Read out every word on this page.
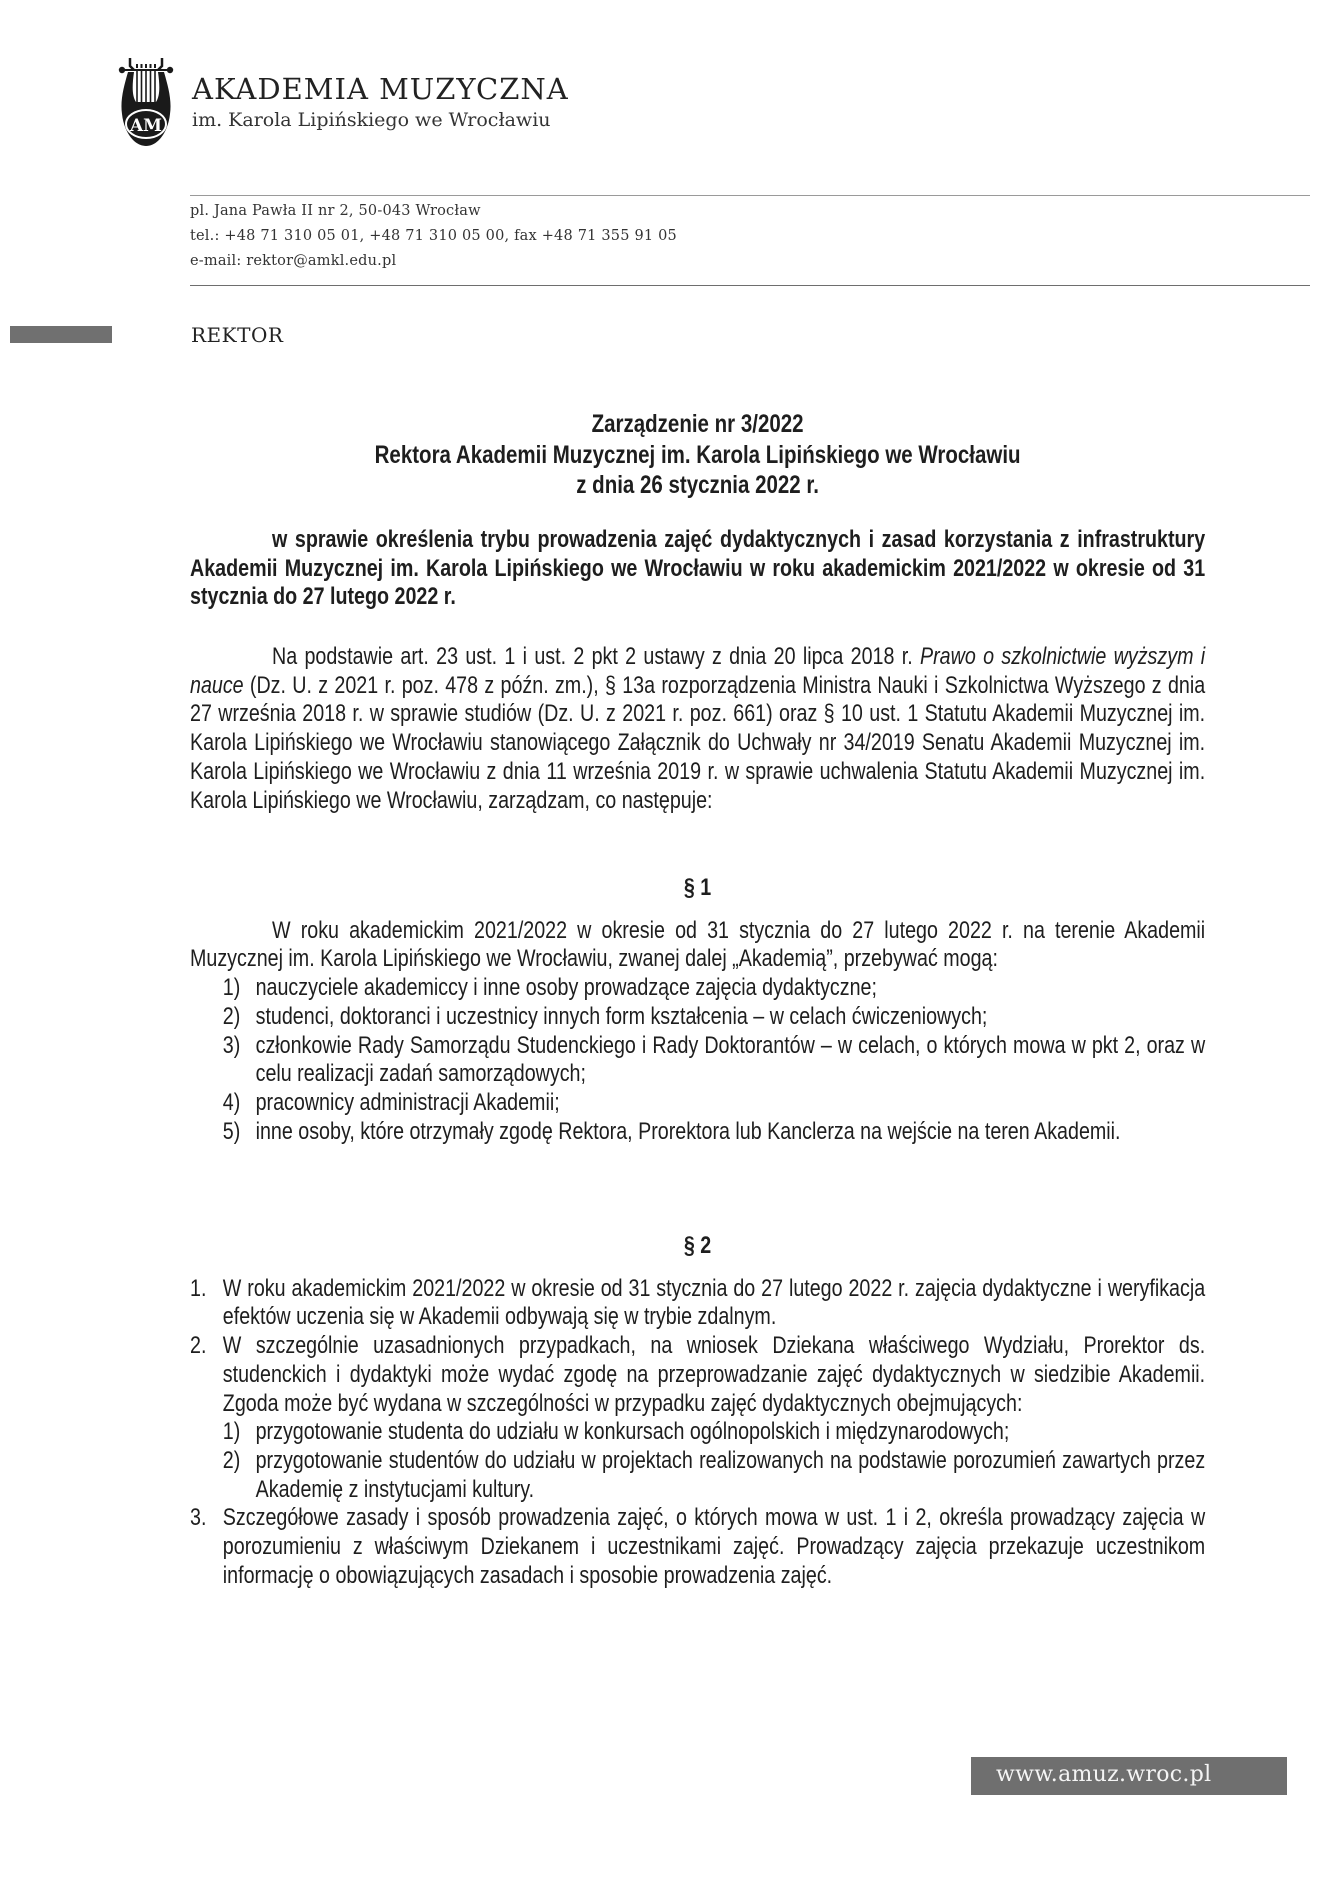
AM
AKADEMIA MUZYCZNA
im. Karola Lipińskiego we Wrocławiu
pl. Jana Pawła II nr 2, 50-043 Wrocław
tel.: +48 71 310 05 01, +48 71 310 05 00, fax +48 71 355 91 05
e-mail: rektor@amkl.edu.pl
REKTOR
Zarządzenie nr 3/2022
Rektora Akademii Muzycznej im. Karola Lipińskiego we Wrocławiu
z dnia 26 stycznia 2022 r.
w sprawie określenia trybu prowadzenia zajęć dydaktycznych i zasad korzystania z infrastruktury Akademii Muzycznej im. Karola Lipińskiego we Wrocławiu w roku akademickim 2021/2022 w okresie od 31 stycznia do 27 lutego 2022 r.
Na podstawie art. 23 ust. 1 i ust. 2 pkt 2 ustawy z dnia 20 lipca 2018 r. Prawo o szkolnictwie wyższym i nauce (Dz. U. z 2021 r. poz. 478 z późn. zm.), § 13a rozporządzenia Ministra Nauki i Szkolnictwa Wyższego z dnia 27 września 2018 r. w sprawie studiów (Dz. U. z 2021 r. poz. 661) oraz § 10 ust. 1 Statutu Akademii Muzycznej im. Karola Lipińskiego we Wrocławiu stanowiącego Załącznik do Uchwały nr 34/2019 Senatu Akademii Muzycznej im. Karola Lipińskiego we Wrocławiu z dnia 11 września 2019 r. w sprawie uchwalenia Statutu Akademii Muzycznej im. Karola Lipińskiego we Wrocławiu, zarządzam, co następuje:
§ 1
W roku akademickim 2021/2022 w okresie od 31 stycznia do 27 lutego 2022 r. na terenie Akademii Muzycznej im. Karola Lipińskiego we Wrocławiu, zwanej dalej „Akademią”, przebywać mogą:
1) nauczyciele akademiccy i inne osoby prowadzące zajęcia dydaktyczne;
2) studenci, doktoranci i uczestnicy innych form kształcenia – w celach ćwiczeniowych;
3) członkowie Rady Samorządu Studenckiego i Rady Doktorantów – w celach, o których mowa w pkt 2, oraz w celu realizacji zadań samorządowych;
4) pracownicy administracji Akademii;
5) inne osoby, które otrzymały zgodę Rektora, Prorektora lub Kanclerza na wejście na teren Akademii.
§ 2
1. W roku akademickim 2021/2022 w okresie od 31 stycznia do 27 lutego 2022 r. zajęcia dydaktyczne i weryfikacja efektów uczenia się w Akademii odbywają się w trybie zdalnym.
2. W szczególnie uzasadnionych przypadkach, na wniosek Dziekana właściwego Wydziału, Prorektor ds. studenckich i dydaktyki może wydać zgodę na przeprowadzanie zajęć dydaktycznych w siedzibie Akademii. Zgoda może być wydana w szczególności w przypadku zajęć dydaktycznych obejmujących:
1) przygotowanie studenta do udziału w konkursach ogólnopolskich i międzynarodowych;
2) przygotowanie studentów do udziału w projektach realizowanych na podstawie porozumień zawartych przez Akademię z instytucjami kultury.
3. Szczegółowe zasady i sposób prowadzenia zajęć, o których mowa w ust. 1 i 2, określa prowadzący zajęcia w porozumieniu z właściwym Dziekanem i uczestnikami zajęć. Prowadzący zajęcia przekazuje uczestnikom informację o obowiązujących zasadach i sposobie prowadzenia zajęć.
www.amuz.wroc.pl
